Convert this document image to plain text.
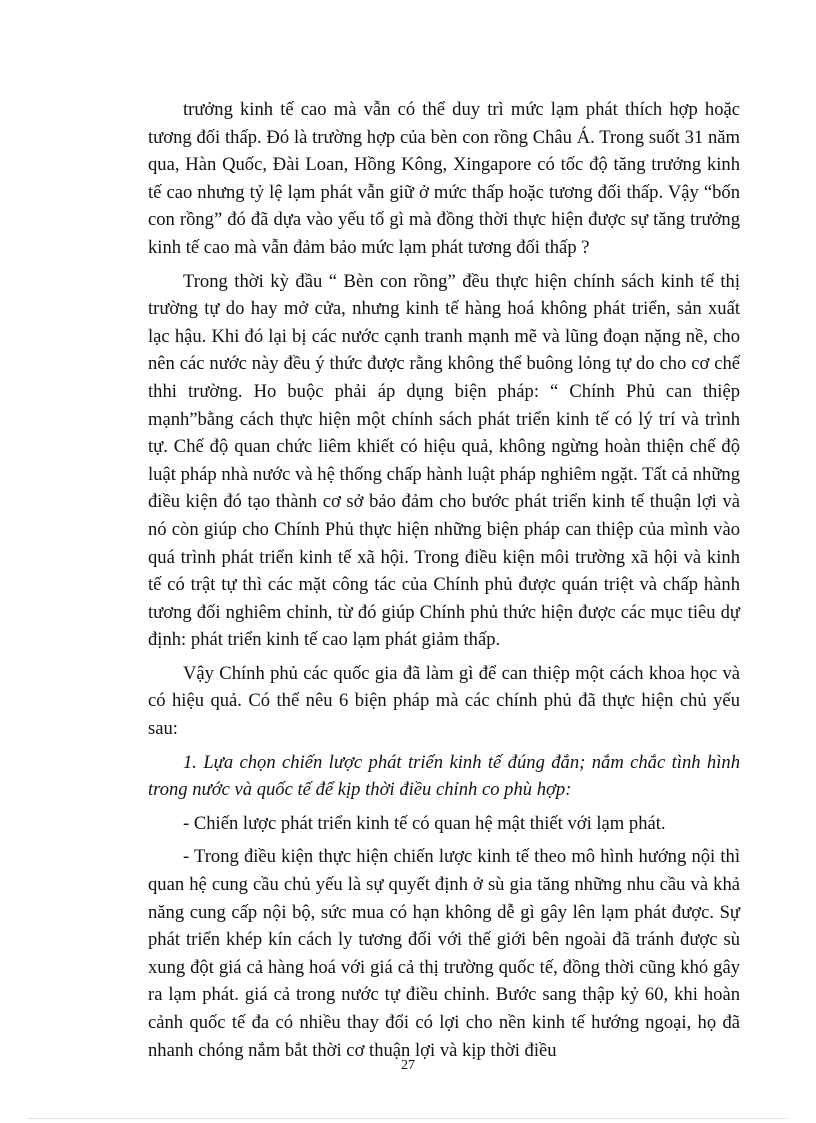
trưởng kinh tế cao mà vẫn có thể duy trì mức lạm phát thích hợp hoặc tương đối thấp. Đó là trường hợp của bèn con rồng Châu Á. Trong suốt 31 năm qua, Hàn Quốc, Đài Loan, Hồng Kông, Xingapore có tốc độ tăng trưởng kinh tế cao nhưng tỷ lệ lạm phát vẫn giữ ở mức thấp hoặc tương đối thấp. Vậy “bốn con rồng” đó đã dựa vào yếu tố gì mà đồng thời thực hiện được sự tăng trưởng kinh tế cao mà vẫn đảm bảo mức lạm phát tương đối thấp ?

Trong thời kỳ đầu “ Bèn con rồng” đều thực hiện chính sách kinh tế thị trường tự do hay mở cửa, nhưng kinh tế hàng hoá không phát triển, sản xuất lạc hậu. Khi đó lại bị các nước cạnh tranh mạnh mẽ và lũng đoạn nặng nề, cho nên các nước này đều ý thức được rằng không thể buông lỏng tự do cho cơ chế thhi trường. Ho buộc phải áp dụng biện pháp: “ Chính Phủ can thiệp mạnh”bằng cách thực hiện một chính sách phát triển kinh tế có lý trí và trình tự. Chế độ quan chức liêm khiết có hiệu quả, không ngừng hoàn thiện chế độ luật pháp nhà nước và hệ thống chấp hành luật pháp nghiêm ngặt. Tất cả những điều kiện đó tạo thành cơ sở bảo đảm cho bước phát triển kinh tế thuận lợi và nó còn giúp cho Chính Phủ thực hiện những biện pháp can thiệp của mình vào quá trình phát triển kinh tế xã hội. Trong điều kiện môi trường xã hội và kinh tế có trật tự thì các mặt công tác của Chính phủ được quán triệt và chấp hành tương đối nghiêm chỉnh, từ đó giúp Chính phủ thức hiện được các mục tiêu dự định: phát triển kinh tế cao lạm phát giảm thấp.

Vậy Chính phủ các quốc gia đã làm gì để can thiệp một cách khoa học và có hiệu quả. Có thể nêu 6 biện pháp mà các chính phủ đã thực hiện chủ yếu sau:

1. Lựa chọn chiến lược phát triển kinh tế đúng đắn; nắm chắc tình hình trong nước và quốc tế để kịp thời điều chỉnh co phù hợp:

- Chiến lược phát triển kinh tế có quan hệ mật thiết với lạm phát.

- Trong điều kiện thực hiện chiến lược kinh tế theo mô hình hướng nội thì quan hệ cung cầu chủ yếu là sự quyết định ở sù gia tăng những nhu cầu và khả năng cung cấp nội bộ, sức mua có hạn không dễ gì gây lên lạm phát được. Sự phát triển khép kín cách ly tương đối với thế giới bên ngoài đã tránh được sù xung đột giá cả hàng hoá với giá cả thị trường quốc tế, đồng thời cũng khó gây ra lạm phát. giá cả trong nước tự điều chỉnh. Bước sang thập kỷ 60, khi hoàn cảnh quốc tế đa có nhiều thay đổi có lợi cho nền kinh tế hướng ngoại, họ đã nhanh chóng nắm bắt thời cơ thuận lợi và kịp thời điều

27
